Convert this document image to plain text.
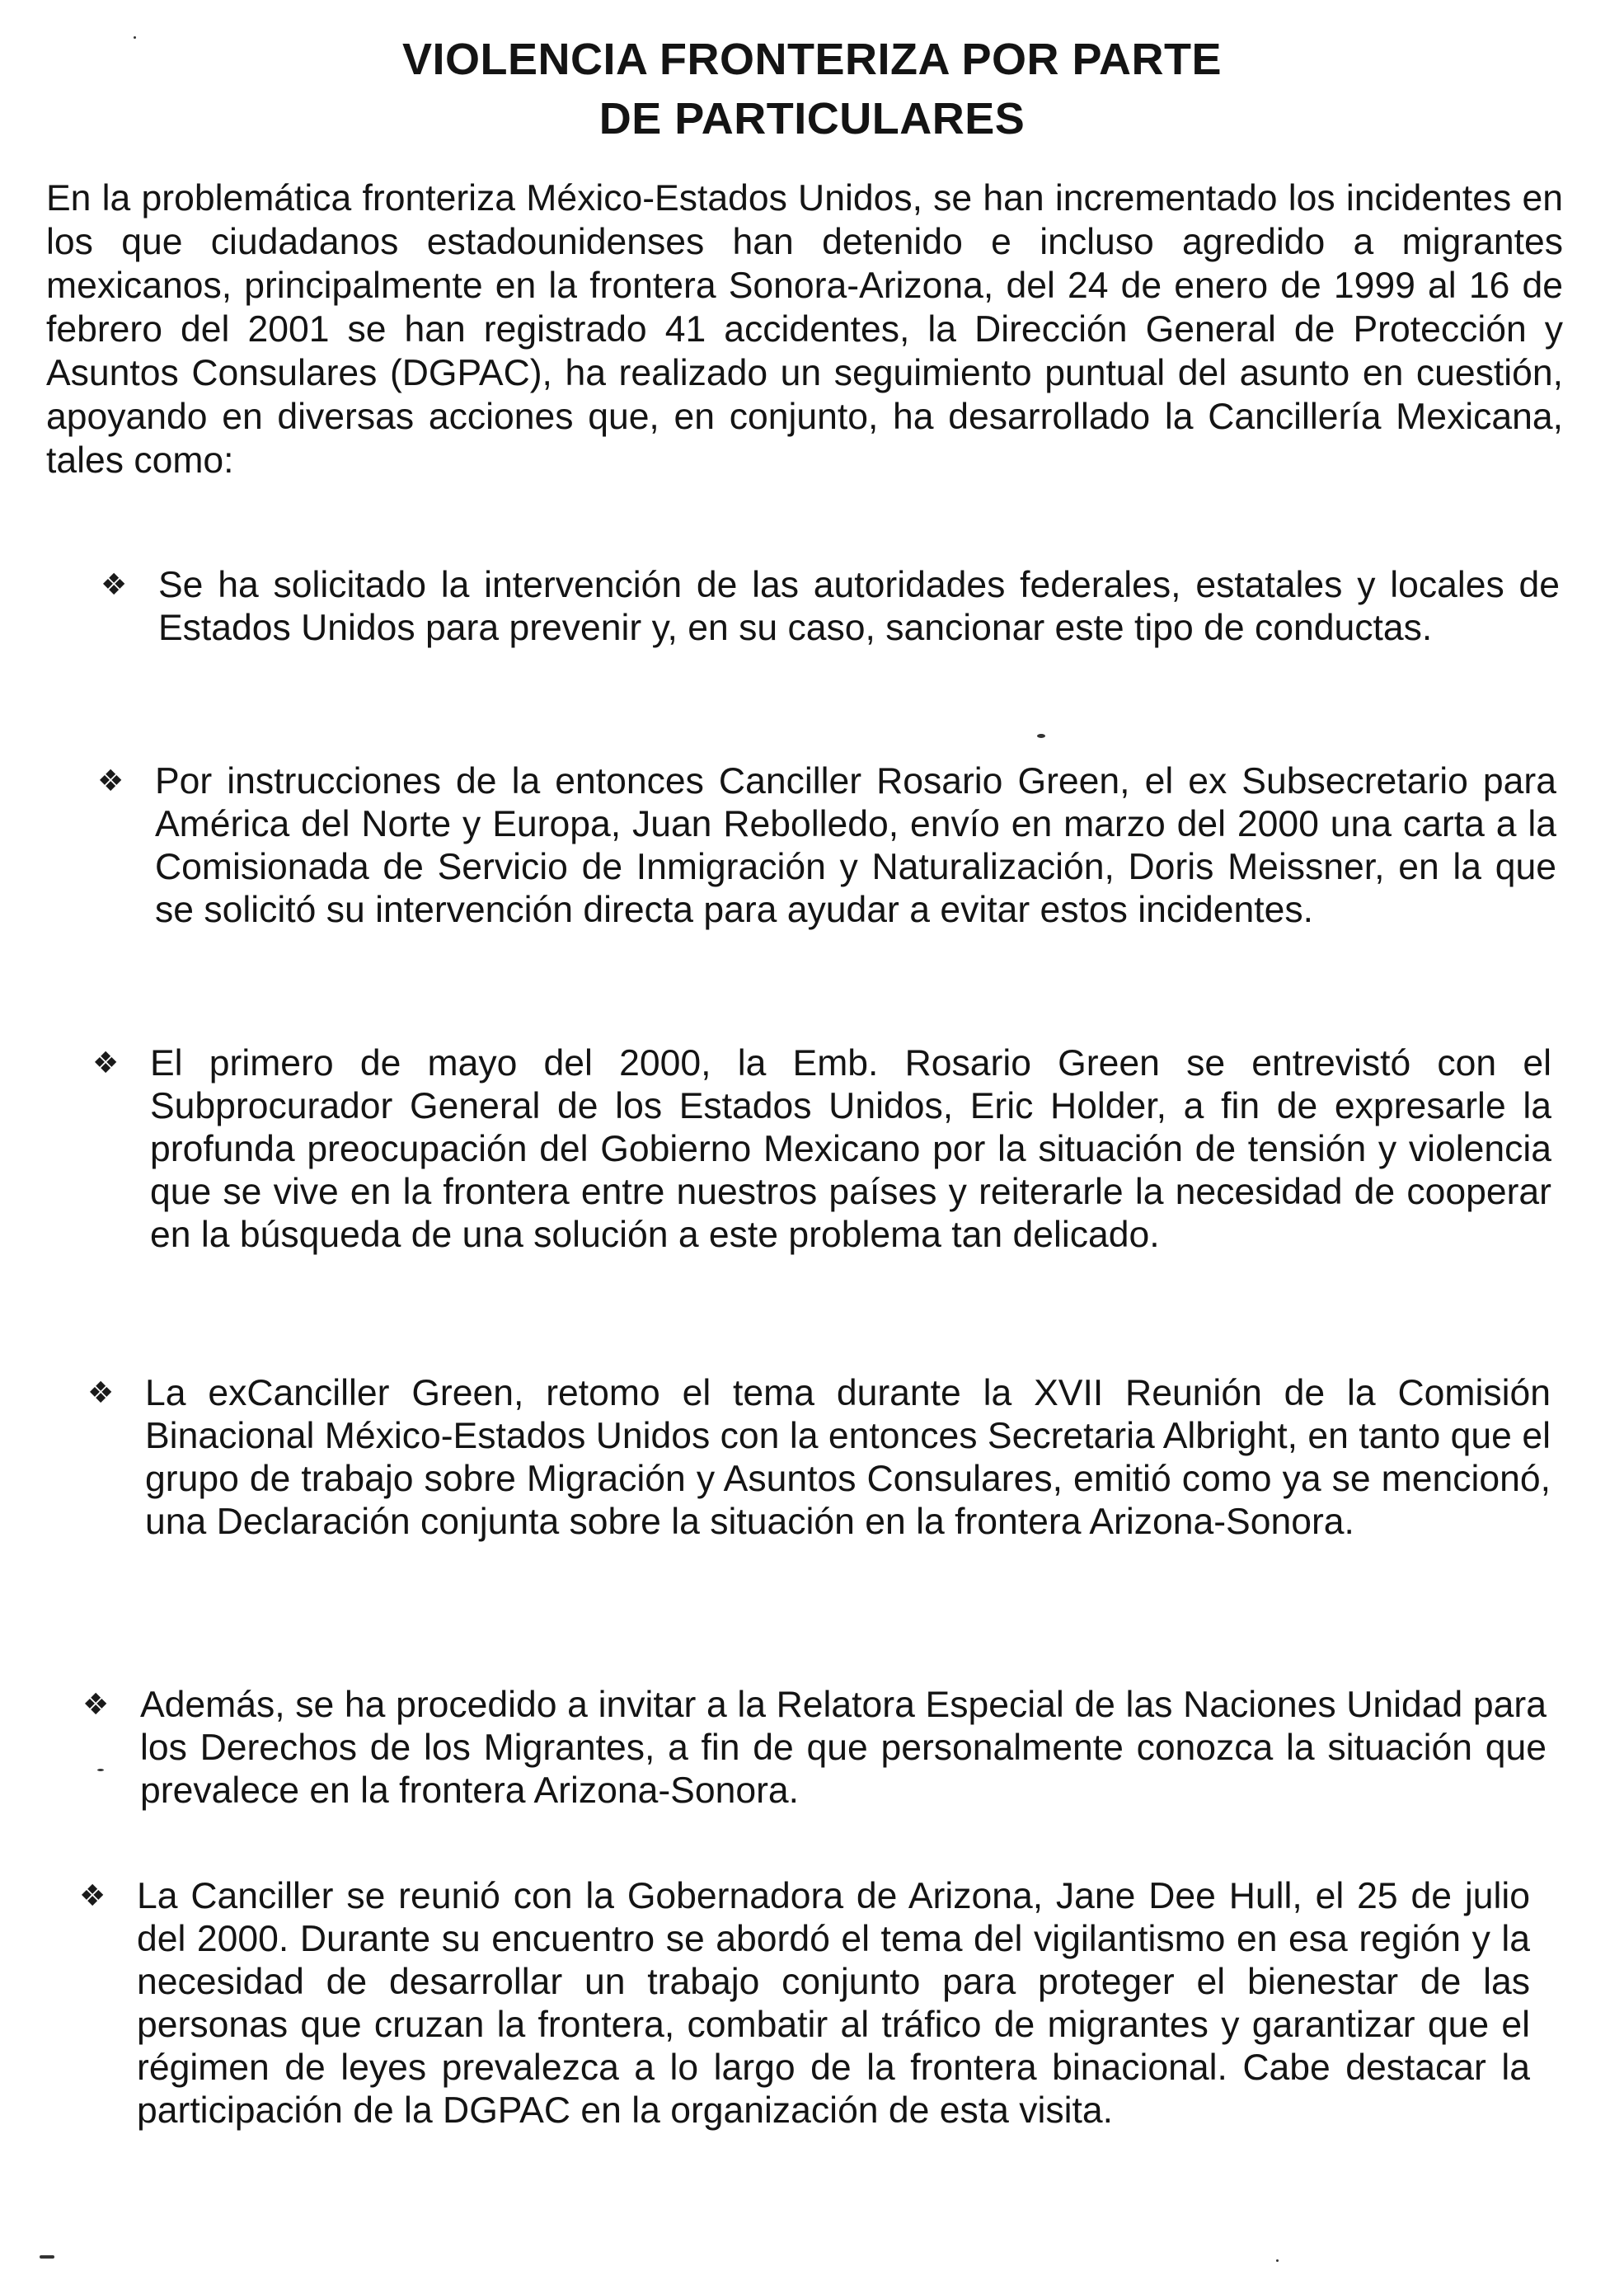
VIOLENCIA FRONTERIZA POR PARTE
DE PARTICULARES

En la problemática fronteriza México-Estados Unidos, se han incrementado los incidentes en los que ciudadanos estadounidenses han detenido e incluso agredido a migrantes mexicanos, principalmente en la frontera Sonora-Arizona, del 24 de enero de 1999 al 16 de febrero del 2001 se han registrado 41 accidentes, la Dirección General de Protección y Asuntos Consulares (DGPAC), ha realizado un seguimiento puntual del asunto en cuestión, apoyando en diversas acciones que, en conjunto, ha desarrollado la Cancillería Mexicana, tales como:

❖ Se ha solicitado la intervención de las autoridades federales, estatales y locales de Estados Unidos para prevenir y, en su caso, sancionar este tipo de conductas.

❖ Por instrucciones de la entonces Canciller Rosario Green, el ex Subsecretario para América del Norte y Europa, Juan Rebolledo, envío en marzo del 2000 una carta a la Comisionada de Servicio de Inmigración y Naturalización, Doris Meissner, en la que se solicitó su intervención directa para ayudar a evitar estos incidentes.

❖ El primero de mayo del 2000, la Emb. Rosario Green se entrevistó con el Subprocurador General de los Estados Unidos, Eric Holder, a fin de expresarle la profunda preocupación del Gobierno Mexicano por la situación de tensión y violencia que se vive en la frontera entre nuestros países y reiterarle la necesidad de cooperar en la búsqueda de una solución a este problema tan delicado.

❖ La exCanciller Green, retomo el tema durante la XVII Reunión de la Comisión Binacional México-Estados Unidos con la entonces Secretaria Albright, en tanto que el grupo de trabajo sobre Migración y Asuntos Consulares, emitió como ya se mencionó, una Declaración conjunta sobre la situación en la frontera Arizona-Sonora.

❖ Además, se ha procedido a invitar a la Relatora Especial de las Naciones Unidad para los Derechos de los Migrantes, a fin de que personalmente conozca la situación que prevalece en la frontera Arizona-Sonora.

❖ La Canciller se reunió con la Gobernadora de Arizona, Jane Dee Hull, el 25 de julio del 2000. Durante su encuentro se abordó el tema del vigilantismo en esa región y la necesidad de desarrollar un trabajo conjunto para proteger el bienestar de las personas que cruzan la frontera, combatir al tráfico de migrantes y garantizar que el régimen de leyes prevalezca a lo largo de la frontera binacional. Cabe destacar la participación de la DGPAC en la organización de esta visita.
